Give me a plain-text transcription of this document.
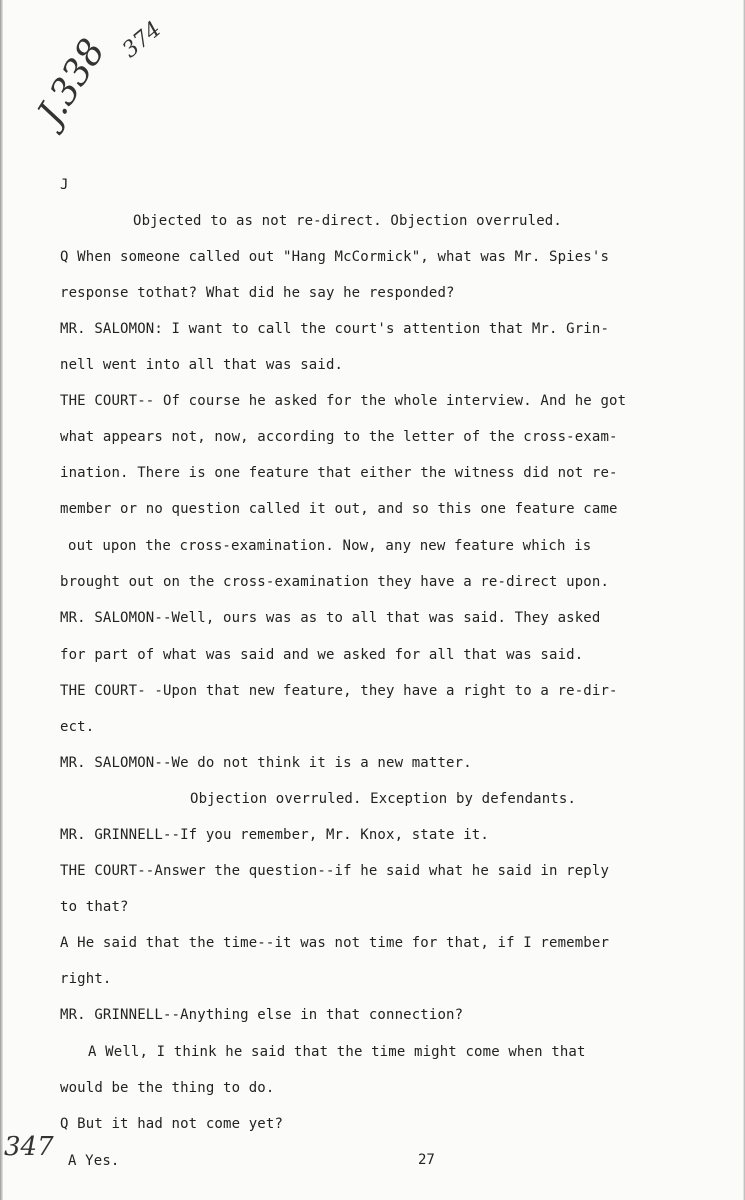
J.338 374
347
J
Objected to as not re-direct. Objection overruled.
Q When someone called out "Hang McCormick", what was Mr. Spies's
response tothat? What did he say he responded?
MR. SALOMON: I want to call the court's attention that Mr. Grin-
nell went into all that was said.
THE COURT-- Of course he asked for the whole interview. And he got
what appears not, now, according to the letter of the cross-exam-
ination. There is one feature that either the witness did not re-
member or no question called it out, and so this one feature came
out upon the cross-examination. Now, any new feature which is
brought out on the cross-examination they have a re-direct upon.
MR. SALOMON--Well, ours was as to all that was said. They asked
for part of what was said and we asked for all that was said.
THE COURT- -Upon that new feature, they have a right to a re-dir-
ect.
MR. SALOMON--We do not think it is a new matter.
Objection overruled. Exception by defendants.
MR. GRINNELL--If you remember, Mr. Knox, state it.
THE COURT--Answer the question--if he said what he said in reply
to that?
A He said that the time--it was not time for that, if I remember
right.
MR. GRINNELL--Anything else in that connection?
A Well, I think he said that the time might come when that
would be the thing to do.
Q But it had not come yet?
A Yes.	27
